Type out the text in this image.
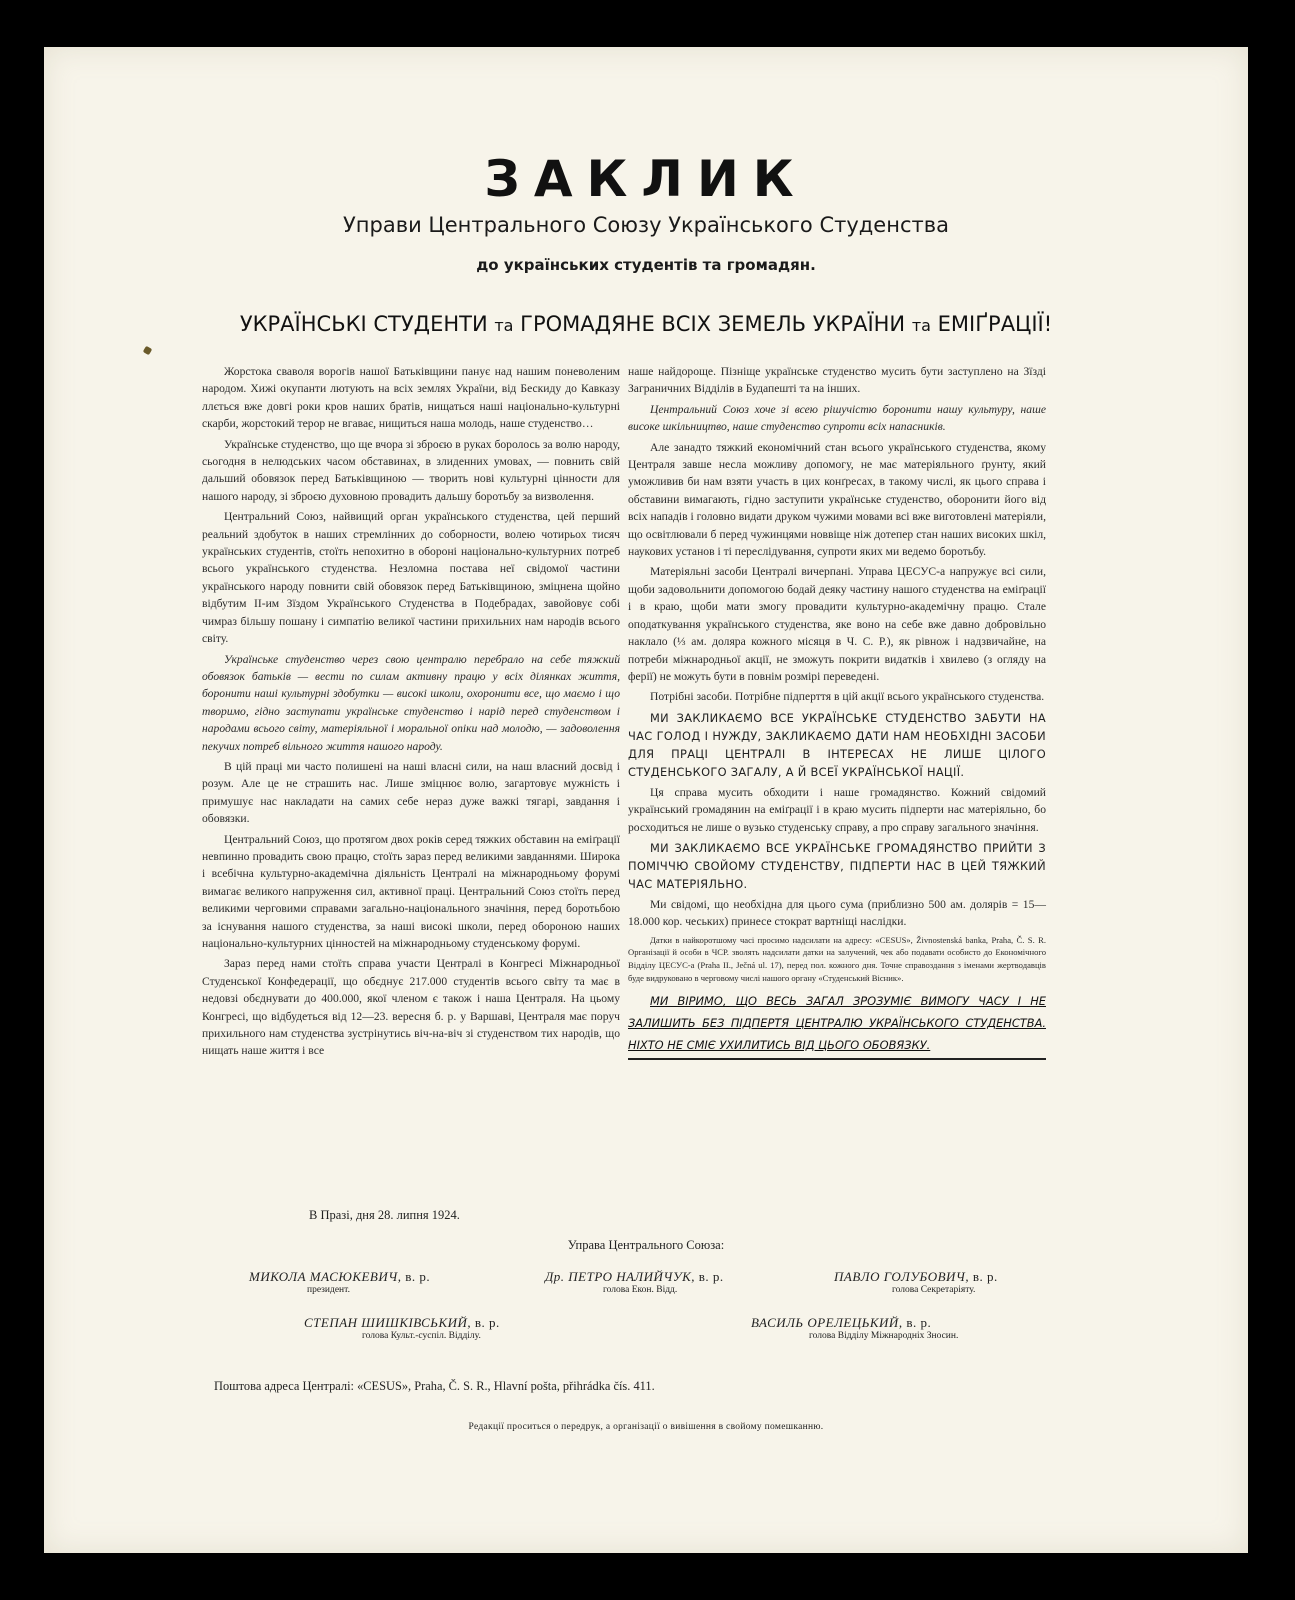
ЗАКЛИК
Управи Центрального Союзу Українського Студенства
до українських студентів та громадян.
УКРАЇНСЬКІ СТУДЕНТИ та ГРОМАДЯНЕ ВСІХ ЗЕМЕЛЬ УКРАЇНИ та ЕМІҐРАЦІЇ!

Жорстока сваволя ворогів нашої Батьківщини панує над нашим поневоленим народом. Хижі окупанти лютують на всіх землях України, від Бескиду до Кавказу ллється вже довгі роки кров наших братів, нищаться наші національно-культурні скарби, жорстокий терор не вгаває, нищиться наша молодь, наше студенство…

Українське студенство, що ще вчора зі зброєю в руках боролось за волю народу, сьогодня в нелюдських часом обставинах, в злиденних умовах, — повнить свій дальший обовязок перед Батьківщиною — творить нові культурні цінности для нашого народу, зі зброєю духовною провадить дальшу боротьбу за визволення.

Центральний Союз, найвищий орган українського студенства, цей перший реальний здобуток в наших стремлінних до соборности, волею чотирьох тисяч українських студентів, стоїть непохитно в обороні національно-культурних потреб всього українського студенства. Незломна постава неї свідомої частини українського народу повнити свій обовязок перед Батьківщиною, зміцнена щойно відбутим II-им Зїздом Українського Студенства в Подебрадах, завойовує собі чимраз більшу пошану і симпатію великої частини прихильних нам народів всього світу.

Українське студенство через свою централю перебрало на себе тяжкий обовязок батьків — вести по силам активну працю у всіх ділянках життя, боронити наші культурні здобутки — високі школи, охоронити все, що маємо і що творимо, гідно заступати українське студенство і нарід перед студенством і народами всього світу, матеріяльної і моральної опіки над молодю, — задоволення пекучих потреб вільного життя нашого народу.

В цій праці ми часто полишені на наші власні сили, на наш власний досвід і розум. Але це не страшить нас. Лише зміцнює волю, загартовує мужність і примушує нас накладати на самих себе нераз дуже важкі тягарі, завдання і обовязки.

Центральний Союз, що протягом двох років серед тяжких обставин на еміґрації невпинно провадить свою працю, стоїть зараз перед великими завданнями. Широка і всебічна культурно-академічна діяльність Централі на міжнародньому форумі вимагає великого напруження сил, активної праці. Центральний Союз стоїть перед великими черговими справами загально-національного значіння, перед боротьбою за існування нашого студенства, за наші високі школи, перед обороною наших національно-культурних цінностей на міжнародньому студенському форумі.

Зараз перед нами стоїть справа участи Централі в Конгресі Міжнародньої Студенської Конфедерації, що обєднує 217.000 студентів всього світу та має в недовзі обєднувати до 400.000, якої членом є також і наша Централя. На цьому Конгресі, що відбудеться від 12—23. вересня б. р. у Варшаві, Централя має поруч прихильного нам студенства зустрінутись віч-на-віч зі студенством тих народів, що нищать наше життя і все

наше найдороще. Пізніще українське студенство мусить бути заступлено на Зїзді Заграничних Відділів в Будапешті та на інших.

Центральний Союз хоче зі всею рішучістю боронити нашу культуру, наше високе шкільництво, наше студенство супроти всіх напасників.

Але занадто тяжкий економічний стан всього українського студенства, якому Централя завше несла можливу допомогу, не має матеріяльного ґрунту, який уможливив би нам взяти участь в цих конґресах, в такому числі, як цього справа і обставини вимагають, гідно заступити українське студенство, оборонити його від всіх нападів і головно видати друком чужими мовами всі вже виготовлені матеріяли, що освітлювали б перед чужинцями новвіще ніж дотепер стан наших високих шкіл, наукових установ і ті переслідування, супроти яких ми ведемо боротьбу.

Матеріяльні засоби Централі вичерпані. Управа ЦЕСУС-а напружує всі сили, щоби задовольнити допомогою бодай деяку частину нашого студенства на еміґрації і в краю, щоби мати змогу провадити культурно-академічну працю. Стале оподаткування українського студенства, яке воно на себе вже давно добровільно наклало (⅓ ам. доляра кожного місяця в Ч. С. Р.), як рівнож і надзвичайне, на потреби міжнародньої акції, не зможуть покрити видатків і хвилево (з огляду на ферії) не можуть бути в повнім розмірі переведені.

Потрібні засоби. Потрібне підперття в цій акції всього українського студенства.

МИ ЗАКЛИКАЄМО ВСЕ УКРАЇНСЬКЕ СТУДЕНСТВО ЗАБУТИ НА ЧАС ГОЛОД І НУЖДУ, ЗАКЛИКАЄМО ДАТИ НАМ НЕОБХІДНІ ЗАСОБИ ДЛЯ ПРАЦІ ЦЕНТРАЛІ В ІНТЕРЕСАХ НЕ ЛИШЕ ЦІЛОГО СТУДЕНСЬКОГО ЗАГАЛУ, А Й ВСЕЇ УКРАЇНСЬКОЇ НАЦІЇ.

Ця справа мусить обходити і наше громадянство. Кожний свідомий український громадянин на еміґрації і в краю мусить підперти нас матеріяльно, бо росходиться не лише о вузько студенську справу, а про справу загального значіння.

МИ ЗАКЛИКАЄМО ВСЕ УКРАЇНСЬКЕ ГРОМАДЯНСТВО ПРИЙТИ З ПОМІЧЧЮ СВОЙОМУ СТУДЕНСТВУ, ПІДПЕРТИ НАС В ЦЕЙ ТЯЖКИЙ ЧАС МАТЕРІЯЛЬНО.

Ми свідомі, що необхідна для цього сума (приблизно 500 ам. долярів = 15—18.000 кор. чеських) принесе стократ вартніщі наслідки.

Датки в найкоротшому часі просимо надсилати на адресу: «CESUS», Živnostenská banka, Praha, Č. S. R. Організації й особи в ЧСР. зволять надсилати датки на залучений, чек або подавати особисто до Економічного Відділу ЦЕСУС-а (Praha II., Ječná ul. 17), перед пол. кожного дня. Точне справоздання з іменами жертводавців буде видруковано в черговому числі нашого органу «Студенський Вісник».

МИ ВІРИМО, ЩО ВЕСЬ ЗАГАЛ ЗРОЗУМІЄ ВИМОГУ ЧАСУ І НЕ ЗАЛИШИТЬ БЕЗ ПІДПЕРТЯ ЦЕНТРАЛЮ УКРАЇНСЬКОГО СТУДЕНСТВА. НІХТО НЕ СМІЄ УХИЛИТИСЬ ВІД ЦЬОГО ОБОВЯЗКУ.

В Празі, дня 28. липня 1924.
Управа Центрального Союза:
МИКОЛА МАСЮКЕВИЧ, в. р.
президент.
Др. ПЕТРО НАЛИЙЧУК, в. р.
голова Екон. Відд.
ПАВЛО ГОЛУБОВИЧ, в. р.
голова Секретаріяту.
СТЕПАН ШИШКІВСЬКИЙ, в. р.
голова Культ.-суспіл. Відділу.
ВАСИЛЬ ОРЕЛЕЦЬКИЙ, в. р.
голова Відділу Міжнародніх Зносин.
Поштова адреса Централі: «CESUS», Praha, Č. S. R., Hlavní pošta, přihrádka čís. 411.
Редакції проситься о передрук, а організації о вивішення в свойому помешканню.
